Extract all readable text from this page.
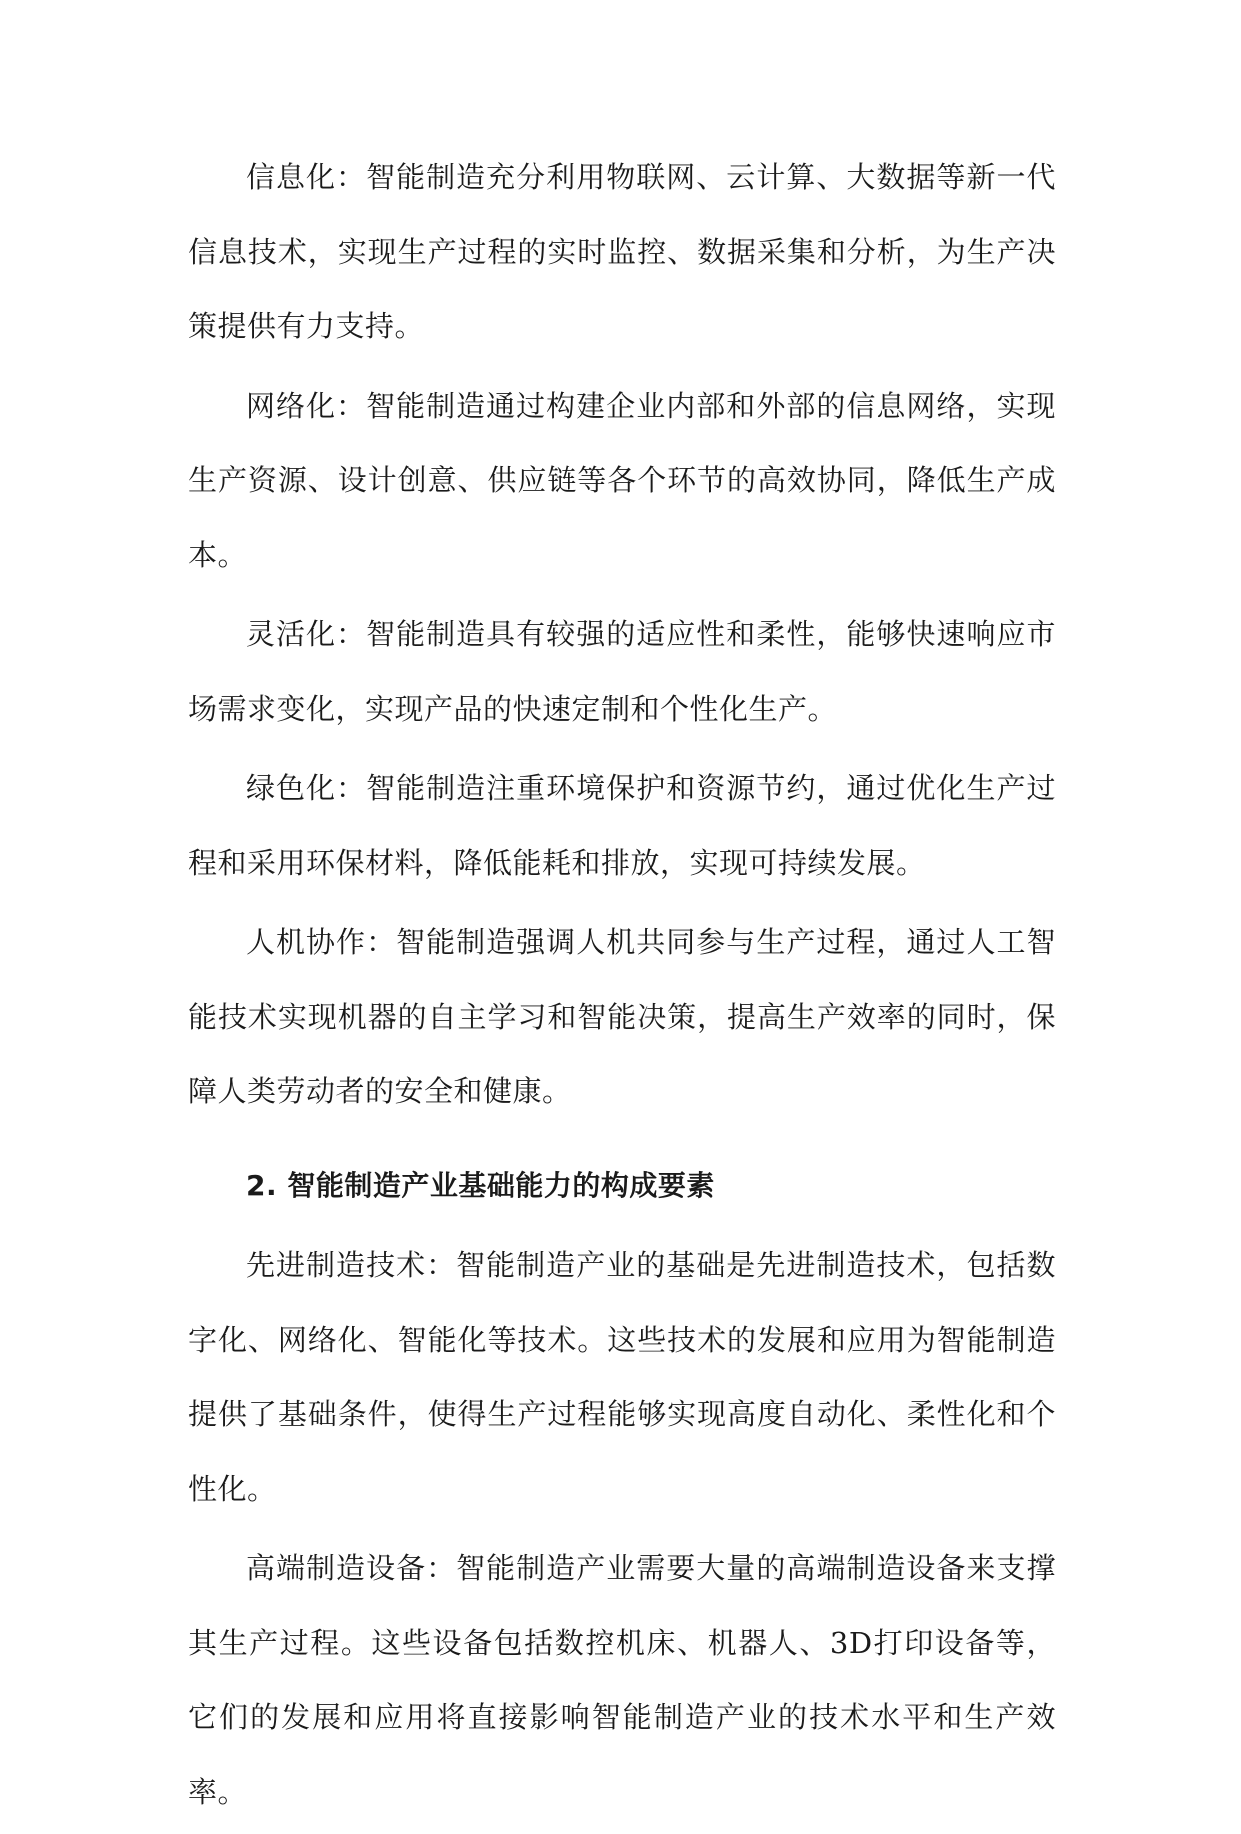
信息化：智能制造充分利用物联网、云计算、大数据等新一代信息技术，实现生产过程的实时监控、数据采集和分析，为生产决策提供有力支持。

网络化：智能制造通过构建企业内部和外部的信息网络，实现生产资源、设计创意、供应链等各个环节的高效协同，降低生产成本。

灵活化：智能制造具有较强的适应性和柔性，能够快速响应市场需求变化，实现产品的快速定制和个性化生产。

绿色化：智能制造注重环境保护和资源节约，通过优化生产过程和采用环保材料，降低能耗和排放，实现可持续发展。

人机协作：智能制造强调人机共同参与生产过程，通过人工智能技术实现机器的自主学习和智能决策，提高生产效率的同时，保障人类劳动者的安全和健康。

2. 智能制造产业基础能力的构成要素

先进制造技术：智能制造产业的基础是先进制造技术，包括数字化、网络化、智能化等技术。这些技术的发展和应用为智能制造提供了基础条件，使得生产过程能够实现高度自动化、柔性化和个性化。

高端制造设备：智能制造产业需要大量的高端制造设备来支撑其生产过程。这些设备包括数控机床、机器人、3D打印设备等，它们的发展和应用将直接影响智能制造产业的技术水平和生产效率。
